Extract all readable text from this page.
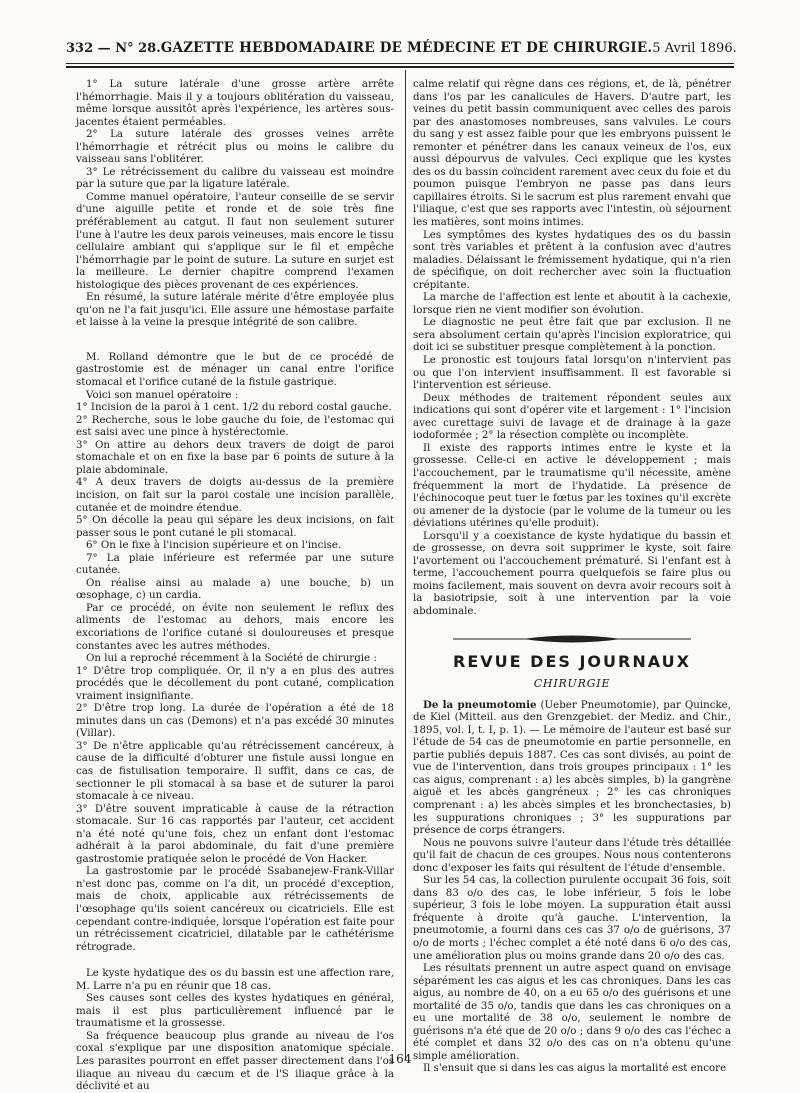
332 — N° 28. GAZETTE HEBDOMADAIRE DE MÉDECINE ET DE CHIRURGIE. 5 Avril 1896.

1° La suture latérale d'une grosse artère arrête l'hémorrhagie. Mais il y a toujours oblitération du vaisseau, même lorsque aussitôt après l'expérience, les artères sous-jacentes étaient perméables.

2° La suture latérale des grosses veines arrête l'hémorrhagie et rétrécit plus ou moins le calibre du vaisseau sans l'oblitérer.

3° Le rétrécissement du calibre du vaisseau est moindre par la suture que par la ligature latérale.

Comme manuel opératoire, l'auteur conseille de se servir d'une aiguille petite et ronde et de soie très fine préférablement au catgut. Il faut non seulement suturer l'une à l'autre les deux parois veineuses, mais encore le tissu cellulaire ambiant qui s'applique sur le fil et empêche l'hémorrhagie par le point de suture. La suture en surjet est la meilleure. Le dernier chapitre comprend l'examen histologique des pièces provenant de ces expériences.

En résumé, la suture latérale mérite d'être employée plus qu'on ne l'a fait jusqu'ici. Elle assure une hémostase parfaite et laisse à la veine la presque intégrité de son calibre.

M. Rolland démontre que le but de ce procédé de gastrostomie est de ménager un canal entre l'orifice stomacal et l'orifice cutané de la fistule gastrique.

Voici son manuel opératoire :

1° Incision de la paroi à 1 cent. 1/2 du rebord costal gauche.

2° Recherche, sous le lobe gauche du foie, de l'estomac qui est saisi avec une pince à hystérectomie.

3° On attire au dehors deux travers de doigt de paroi stomachale et on en fixe la base par 6 points de suture à la plaie abdominale.

4° A deux travers de doigts au-dessus de la première incision, on fait sur la paroi costale une incision parallèle, cutanée et de moindre étendue.

5° On décolle la peau qui sépare les deux incisions, on fait passer sous le pont cutané le pli stomacal.

6° On le fixe à l'incision supérieure et on l'incise.

7° La plaie inférieure est refermée par une suture cutanée.

On réalise ainsi au malade a) une bouche, b) un œsophage, c) un cardia.

Par ce procédé, on évite non seulement le reflux des aliments de l'estomac au dehors, mais encore les excoriations de l'orifice cutané si douloureuses et presque constantes avec les autres méthodes.

On lui a reproché récemment à la Société de chirurgie :

1° D'être trop compliquée. Or, il n'y a en plus des autres procédés que le décollement du pont cutané, complication vraiment insignifiante.

2° D'être trop long. La durée de l'opération a été de 18 minutes dans un cas (Demons) et n'a pas excédé 30 minutes (Villar).

3° De n'être applicable qu'au rétrécissement cancéreux, à cause de la difficulté d'obturer une fistule aussi longue en cas de fistulisation temporaire. Il suffit, dans ce cas, de sectionner le pli stomacal à sa base et de suturer la paroi stomacale à ce niveau.

3° D'être souvent impraticable à cause de la rétraction stomacale. Sur 16 cas rapportés par l'auteur, cet accident n'a été noté qu'une fois, chez un enfant dont l'estomac adhérait à la paroi abdominale, du fait d'une première gastrostomie pratiquée selon le procédé de Von Hacker.

La gastrostomie par le procédé Ssabanejew-Frank-Villar n'est donc pas, comme on l'a dit, un procédé d'exception, mais de choix, applicable aux rétrécissements de l'œsophage qu'ils soient cancéreux ou cicatriciels. Elle est cependant contre-indiquée, lorsque l'opération est faite pour un rétrécissement cicatriciel, dilatable par le cathétérisme rétrograde.

Le kyste hydatique des os du bassin est une affection rare, M. Larre n'a pu en réunir que 18 cas.

Ses causes sont celles des kystes hydatiques en général, mais il est plus particulièrement influencé par le traumatisme et la grossesse.

Sa fréquence beaucoup plus grande au niveau de l'os coxal s'explique par une disposition anatomique spéciale. Les parasites pourront en effet passer directement dans l'os iliaque au niveau du cæcum et de l'S iliaque grâce à la déclivité et au

calme relatif qui règne dans ces régions, et, de là, pénétrer dans l'os par les canalicules de Havers. D'autre part, les veines du petit bassin communiquent avec celles des parois par des anastomoses nombreuses, sans valvules. Le cours du sang y est assez faible pour que les embryons puissent le remonter et pénétrer dans les canaux veineux de l'os, eux aussi dépourvus de valvules. Ceci explique que les kystes des os du bassin coïncident rarement avec ceux du foie et du poumon puisque l'embryon ne passe pas dans leurs capillaires étroits. Si le sacrum est plus rarement envahi que l'iliaque, c'est que ses rapports avec l'intestin, où séjournent les matières, sont moins intimes.

Les symptômes des kystes hydatiques des os du bassin sont très variables et prêtent à la confusion avec d'autres maladies. Délaissant le frémissement hydatique, qui n'a rien de spécifique, on doit rechercher avec soin la fluctuation crépitante.

La marche de l'affection est lente et aboutit à la cachexie, lorsque rien ne vient modifier son évolution.

Le diagnostic ne peut être fait que par exclusion. Il ne sera absolument certain qu'après l'incision exploratrice, qui doit ici se substituer presque complètement à la ponction.

Le pronostic est toujours fatal lorsqu'on n'intervient pas ou que l'on intervient insuffisamment. Il est favorable si l'intervention est sérieuse.

Deux méthodes de traitement répondent seules aux indications qui sont d'opérer vite et largement : 1° l'incision avec curettage suivi de lavage et de drainage à la gaze iodoformée ; 2° la résection complète ou incomplète.

Il existe des rapports intimes entre le kyste et la grossesse. Celle-ci en active le développement ; mais l'accouchement, par le traumatisme qu'il nécessite, amène fréquemment la mort de l'hydatide. La présence de l'échinocoque peut tuer le fœtus par les toxines qu'il excrète ou amener de la dystocie (par le volume de la tumeur ou les déviations utérines qu'elle produit).

Lorsqu'il y a coexistance de kyste hydatique du bassin et de grossesse, on devra soit supprimer le kyste, soit faire l'avortement ou l'accouchement prématuré. Si l'enfant est à terme, l'accouchement pourra quelquefois se faire plus ou moins facilement, mais souvent on devra avoir recours soit à la basiotripsie, soit à une intervention par la voie abdominale.

REVUE DES JOURNAUX
CHIRURGIE

De la pneumotomie (Ueber Pneumotomie), par Quincke, de Kiel (Mitteil. aus den Grenzgebiet. der Mediz. and Chir., 1895, vol. I, t. I, p. 1). — Le mémoire de l'auteur est basé sur l'étude de 54 cas de pneumotomie en partie personnelle, en partie publiés depuis 1887. Ces cas sont divisés, au point de vue de l'intervention, dans trois groupes principaux : 1° les cas aigus, comprenant : a) les abcès simples, b) la gangrène aiguë et les abcès gangréneux ; 2° les cas chroniques comprenant : a) les abcès simples et les bronchectasies, b) les suppurations chroniques ; 3° les suppurations par présence de corps étrangers.

Nous ne pouvons suivre l'auteur dans l'étude très détaillée qu'il fait de chacun de ces groupes. Nous nous contenterons donc d'exposer les faits qui résultent de l'étude d'ensemble.

Sur les 54 cas, la collection purulente occupait 36 fois, soit dans 83 o/o des cas, le lobe inférieur, 5 fois le lobe supérieur, 3 fois le lobe moyen. La suppuration était aussi fréquente à droite qu'à gauche. L'intervention, la pneumotomie, a fourni dans ces cas 37 o/o de guérisons, 37 o/o de morts ; l'échec complet a été noté dans 6 o/o des cas, une amélioration plus ou moins grande dans 20 o/o des cas.

Les résultats prennent un autre aspect quand on envisage séparément les cas aigus et les cas chroniques. Dans les cas aigus, au nombre de 40, on a eu 65 o/o des guérisons et une mortalité de 35 o/o, tandis que dans les cas chroniques on a eu une mortalité de 38 o/o, seulement le nombre de guérisons n'a été que de 20 o/o ; dans 9 o/o des cas l'échec a été complet et dans 32 o/o des cas on n'a obtenu qu'une simple amélioration.

Il s'ensuit que si dans les cas aigus la mortalité est encore

164
